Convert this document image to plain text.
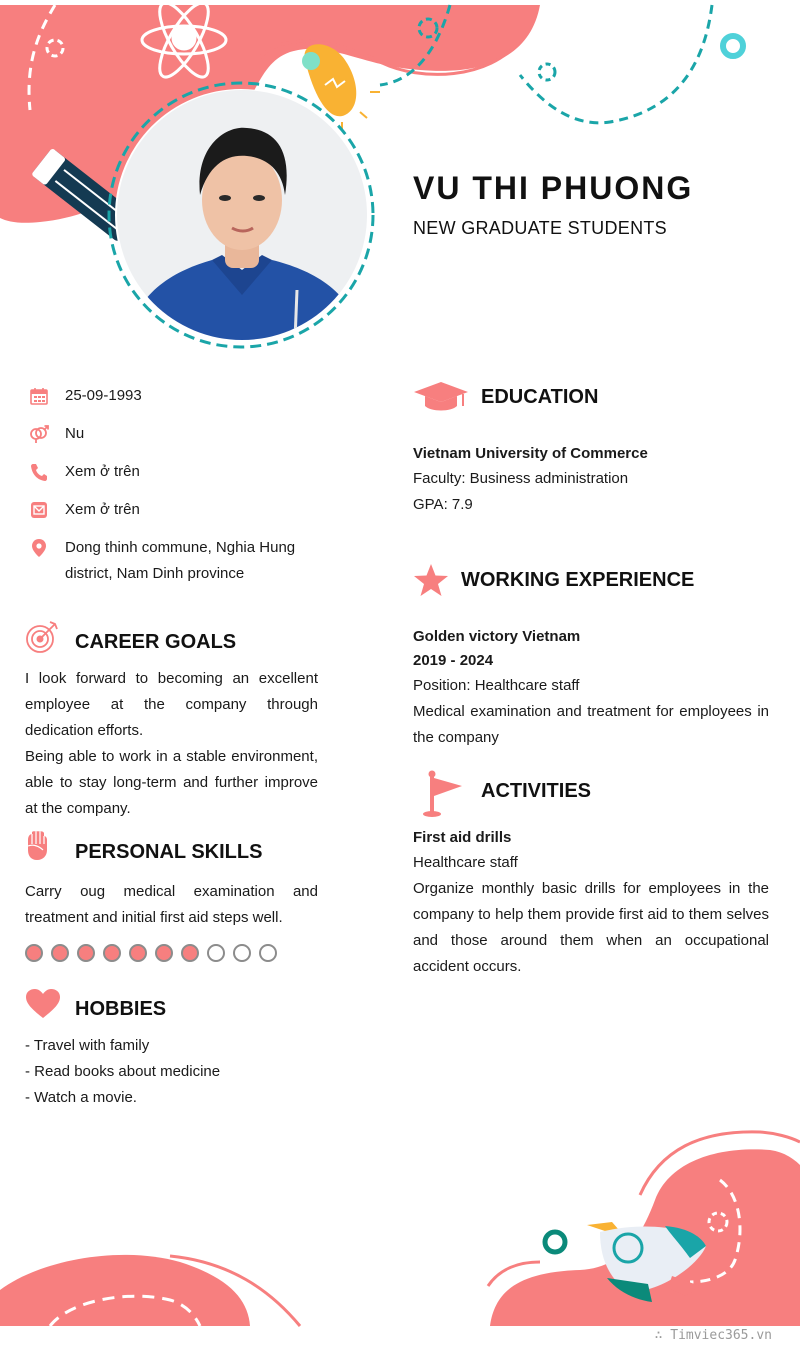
VU THI PHUONG
NEW GRADUATE STUDENTS
25-09-1993
Nu
Xem ở trên
Xem ở trên
Dong thinh commune, Nghia Hung district, Nam Dinh province
CAREER GOALS

I look forward to becoming an excellent employee at the company through dedication efforts.

Being able to work in a stable environment, able to stay long-term and further improve at the company.

PERSONAL SKILLS
Carry oug medical examination and treatment and initial first aid steps well.
HOBBIES
- Travel with family
- Read books about medicine
- Watch a movie.
EDUCATION

Vietnam University of Commerce

Faculty: Business administration

GPA: 7.9

WORKING EXPERIENCE

Golden victory Vietnam

2019 - 2024

Position: Healthcare staff

Medical examination and treatment for employees in the company

ACTIVITIES

First aid drills

Healthcare staff

Organize monthly basic drills for employees in the company to help them provide first aid to them selves and those around them when an occupational accident occurs.

∴ Timviec365.vn
